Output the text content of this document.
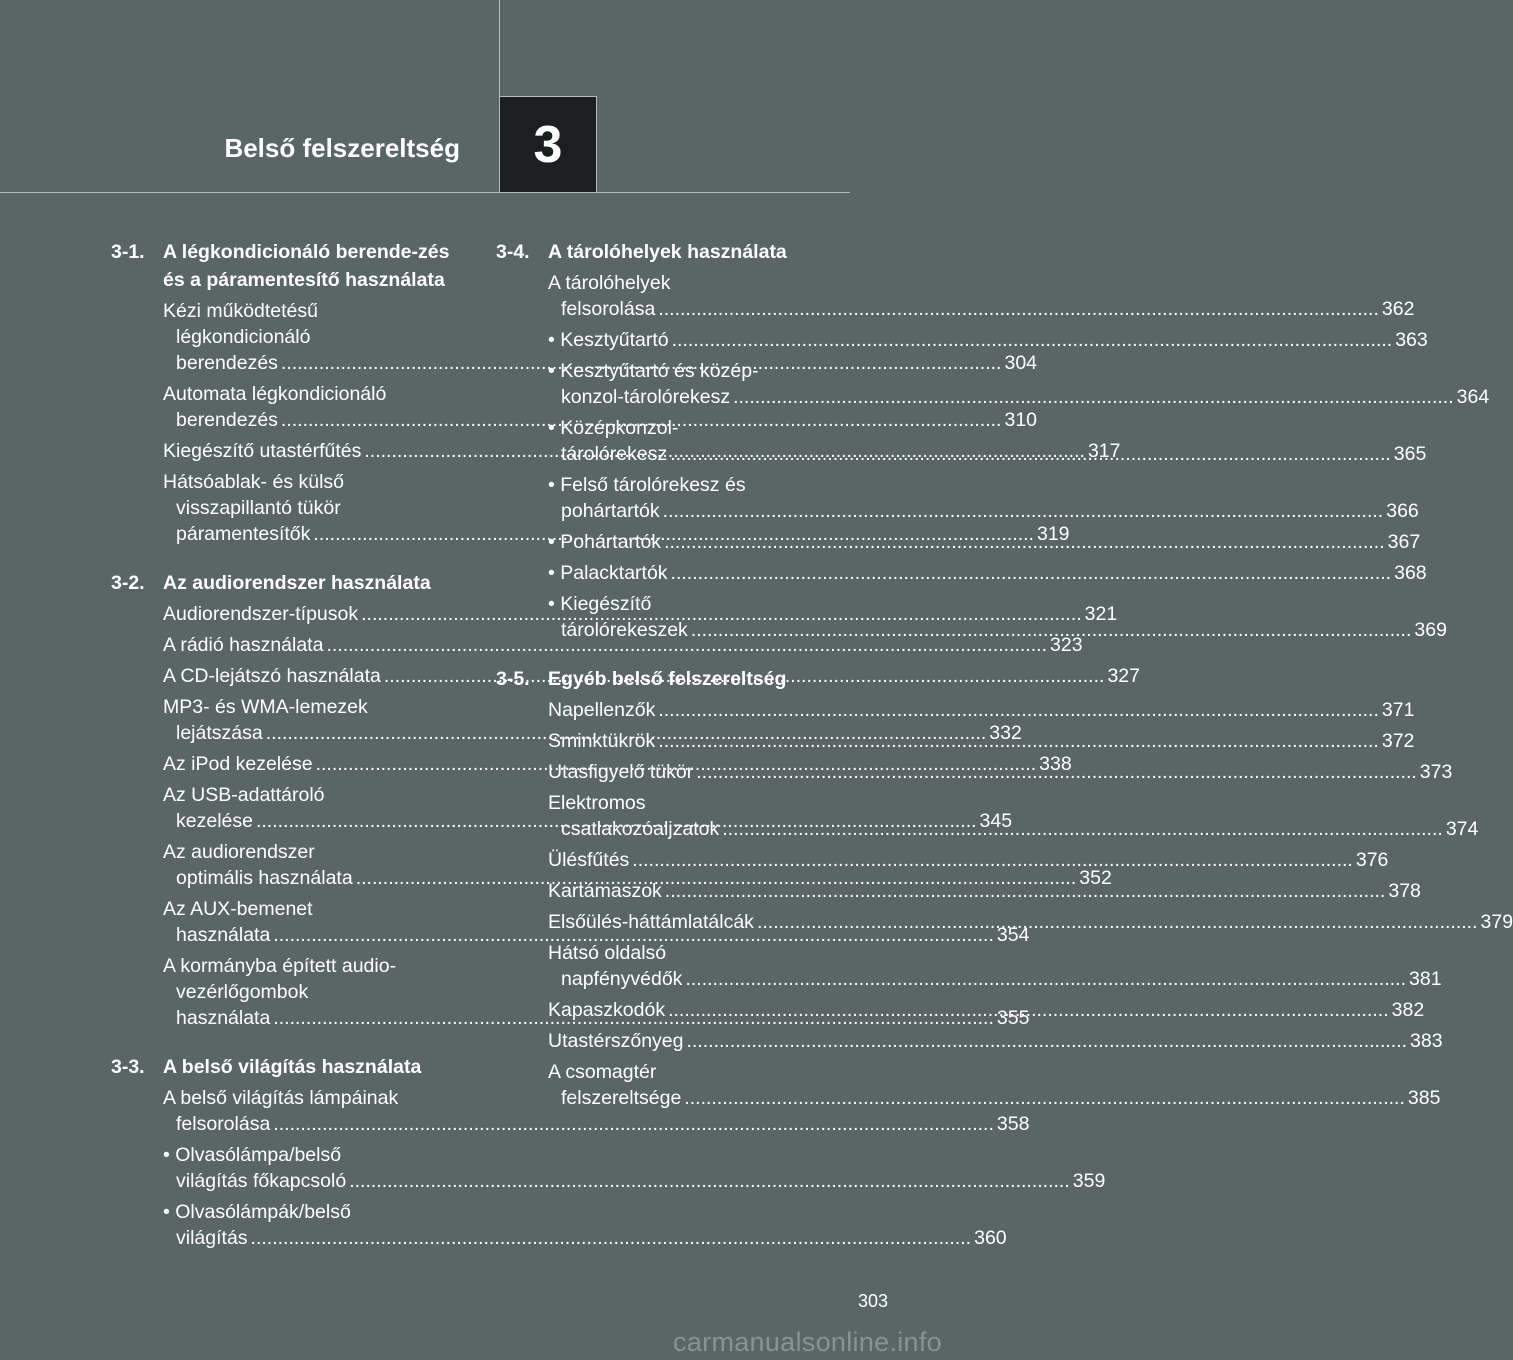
Belső felszereltség	3
3-1. A légkondicionáló berende-zés és a páramentesítő használata
Kézi működtetésű
légkondicionáló
berendezés .....	304
Automata légkondicionáló
berendezés .....	310
Kiegészítő utastérfűtés .....	317
Hátsóablak- és külső
visszapillantó tükör
páramentesítők .....	319
3-2. Az audiorendszer használata
Audiorendszer-típusok .....	321
A rádió használata .....	323
A CD-lejátszó használata .....	327
MP3- és WMA-lemezek
lejátszása .....	332
Az iPod kezelése .....	338
Az USB-adattároló
kezelése .....	345
Az audiorendszer
optimális használata .....	352
Az AUX-bemenet
használata .....	354
A kormányba épített audio-
vezérlőgombok
használata .....	355
3-3. A belső világítás használata
A belső világítás lámpáinak
felsorolása .....	358
• Olvasólámpa/belső
világítás főkapcsoló .....	359
• Olvasólámpák/belső
világítás .....	360
3-4. A tárolóhelyek használata
A tárolóhelyek
felsorolása .....	362
• Kesztyűtartó .....	363
• Kesztyűtartó és közép-
konzol-tárolórekesz .....	364
• Középkonzol-
tárolórekesz .....	365
• Felső tárolórekesz és
pohártartók .....	366
• Pohártartók .....	367
• Palacktartók .....	368
• Kiegészítő
tárolórekeszek .....	369
3-5. Egyéb belső felszereltség
Napellenzők .....	371
Sminktükrök .....	372
Utasfigyelő tükör .....	373
Elektromos
csatlakozóaljzatok .....	374
Ülésfűtés .....	376
Kartámaszok .....	378
Elsőülés-háttámlatálcák .....	379
Hátsó oldalsó
napfényvédők .....	381
Kapaszkodók .....	382
Utastérszőnyeg .....	383
A csomagtér
felszereltsége .....	385
303
carmanualsonline.info
